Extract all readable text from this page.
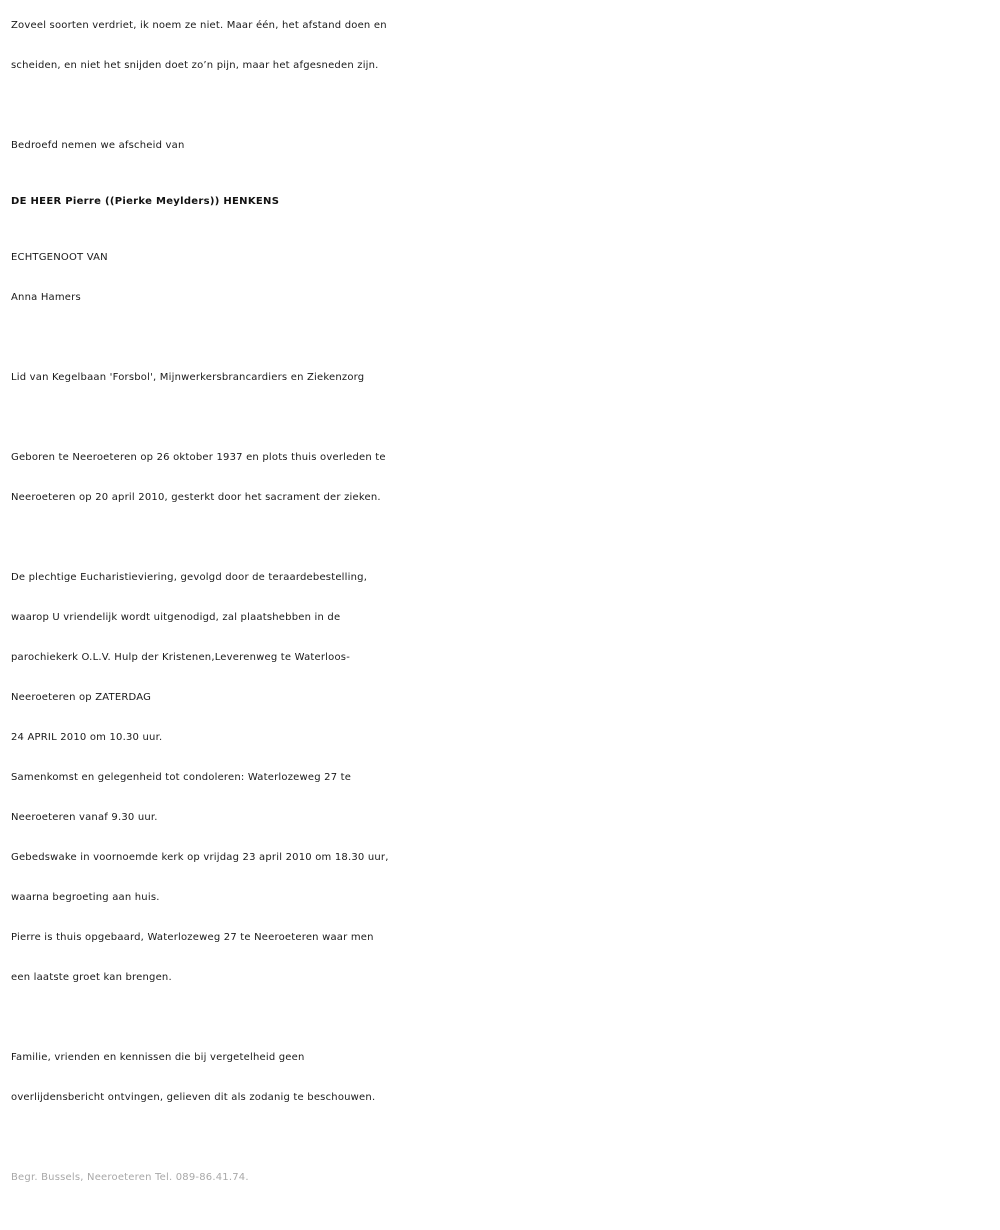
Zoveel soorten verdriet, ik noem ze niet. Maar één, het afstand doen en
scheiden, en niet het snijden doet zo’n pijn, maar het afgesneden zijn.
Bedroefd nemen we afscheid van
DE HEER Pierre ((Pierke Meylders)) HENKENS
ECHTGENOOT VAN
Anna Hamers
Lid van Kegelbaan 'Forsbol', Mijnwerkersbrancardiers en Ziekenzorg
Geboren te Neeroeteren op 26 oktober 1937 en plots thuis overleden te
Neeroeteren op 20 april 2010, gesterkt door het sacrament der zieken.
De plechtige Eucharistieviering, gevolgd door de teraardebestelling,
waarop U vriendelijk wordt uitgenodigd, zal plaatshebben in de
parochiekerk O.L.V. Hulp der Kristenen,Leverenweg te Waterloos-
Neeroeteren op ZATERDAG
24 APRIL 2010 om 10.30 uur.
Samenkomst en gelegenheid tot condoleren: Waterlozeweg 27 te
Neeroeteren vanaf 9.30 uur.
Gebedswake in voornoemde kerk op vrijdag 23 april 2010 om 18.30 uur,
waarna begroeting aan huis.
Pierre is thuis opgebaard, Waterlozeweg 27 te Neeroeteren waar men
een laatste groet kan brengen.
Familie, vrienden en kennissen die bij vergetelheid geen
overlijdensbericht ontvingen, gelieven dit als zodanig te beschouwen.
Begr. Bussels, Neeroeteren Tel. 089-86.41.74.
